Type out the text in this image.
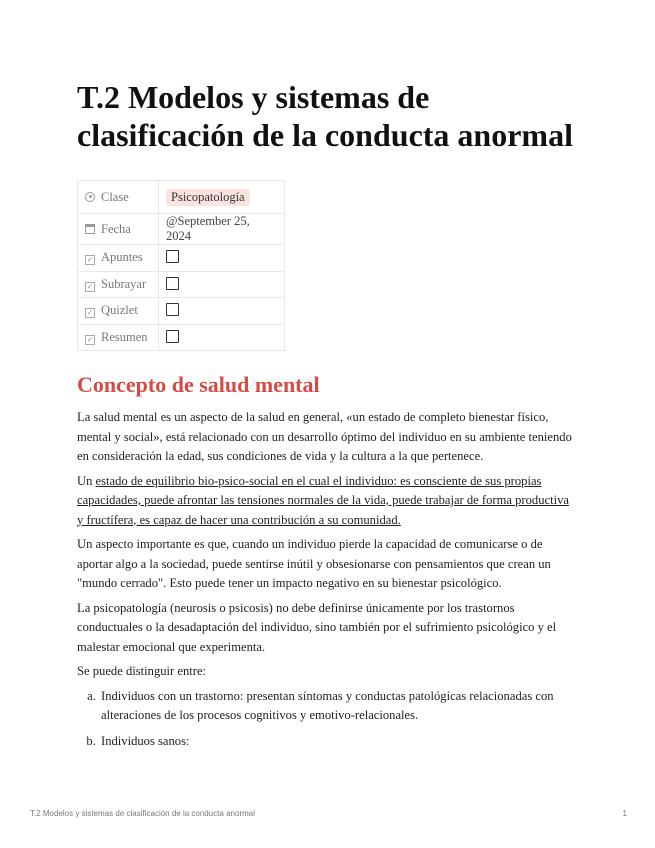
T.2 Modelos y sistemas de clasificación de la conducta anormal
Clase	Psicopatología
Fecha	@September 25, 2024
✓ Apuntes	
✓ Subrayar	
✓ Quizlet	
✓ Resumen	
Concepto de salud mental

La salud mental es un aspecto de la salud en general, «un estado de completo bienestar físico, mental y social», está relacionado con un desarrollo óptimo del individuo en su ambiente teniendo en consideración la edad, sus condiciones de vida y la cultura a la que pertenece.

Un estado de equilibrio bio-psico-social en el cual el individuo: es consciente de sus propias capacidades, puede afrontar las tensiones normales de la vida, puede trabajar de forma productiva y fructífera, es capaz de hacer una contribución a su comunidad.

Un aspecto importante es que, cuando un individuo pierde la capacidad de comunicarse o de aportar algo a la sociedad, puede sentirse inútil y obsesionarse con pensamientos que crean un "mundo cerrado". Esto puede tener un impacto negativo en su bienestar psicológico.

La psicopatología (neurosis o psicosis) no debe definirse únicamente por los trastornos conductuales o la desadaptación del individuo, sino también por el sufrimiento psicológico y el malestar emocional que experimenta.

Se puede distinguir entre:

a. Individuos con un trastorno: presentan síntomas y conductas patológicas relacionadas con alteraciones de los procesos cognitivos y emotivo-relacionales.
b. Individuos sanos:
T.2 Modelos y sistemas de clasificación de la conducta anormal	1
